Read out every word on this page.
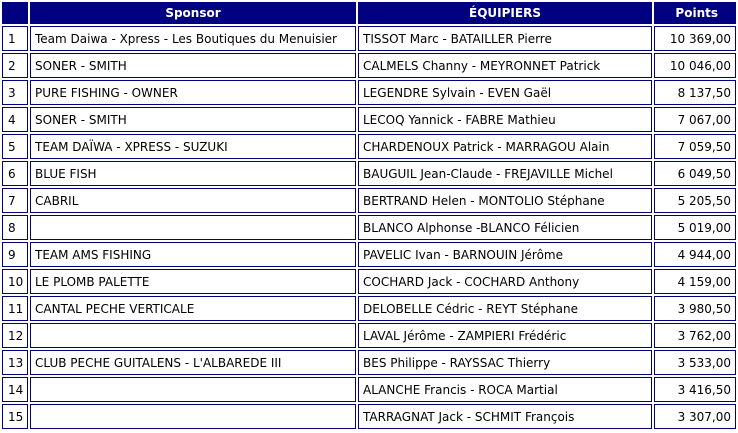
	Sponsor	ÉQUIPIERS	Points
1	Team Daiwa - Xpress - Les Boutiques du Menuisier	TISSOT Marc - BATAILLER Pierre	10 369,00
2	SONER - SMITH	CALMELS Channy - MEYRONNET Patrick	10 046,00
3	PURE FISHING - OWNER	LEGENDRE Sylvain - EVEN Gaël	8 137,50
4	SONER - SMITH	LECOQ Yannick - FABRE Mathieu	7 067,00
5	TEAM DAÏWA - XPRESS - SUZUKI	CHARDENOUX Patrick - MARRAGOU Alain	7 059,50
6	BLUE FISH	BAUGUIL Jean-Claude - FREJAVILLE Michel	6 049,50
7	CABRIL	BERTRAND Helen - MONTOLIO Stéphane	5 205,50
8		BLANCO Alphonse -BLANCO Félicien	5 019,00
9	TEAM AMS FISHING	PAVELIC Ivan - BARNOUIN Jérôme	4 944,00
10	LE PLOMB PALETTE	COCHARD Jack - COCHARD Anthony	4 159,00
11	CANTAL PECHE VERTICALE	DELOBELLE Cédric - REYT Stéphane	3 980,50
12		LAVAL Jérôme - ZAMPIERI Frédéric	3 762,00
13	CLUB PECHE GUITALENS - L'ALBAREDE III	BES Philippe - RAYSSAC Thierry	3 533,00
14		ALANCHE Francis - ROCA Martial	3 416,50
15		TARRAGNAT Jack - SCHMIT François	3 307,00
